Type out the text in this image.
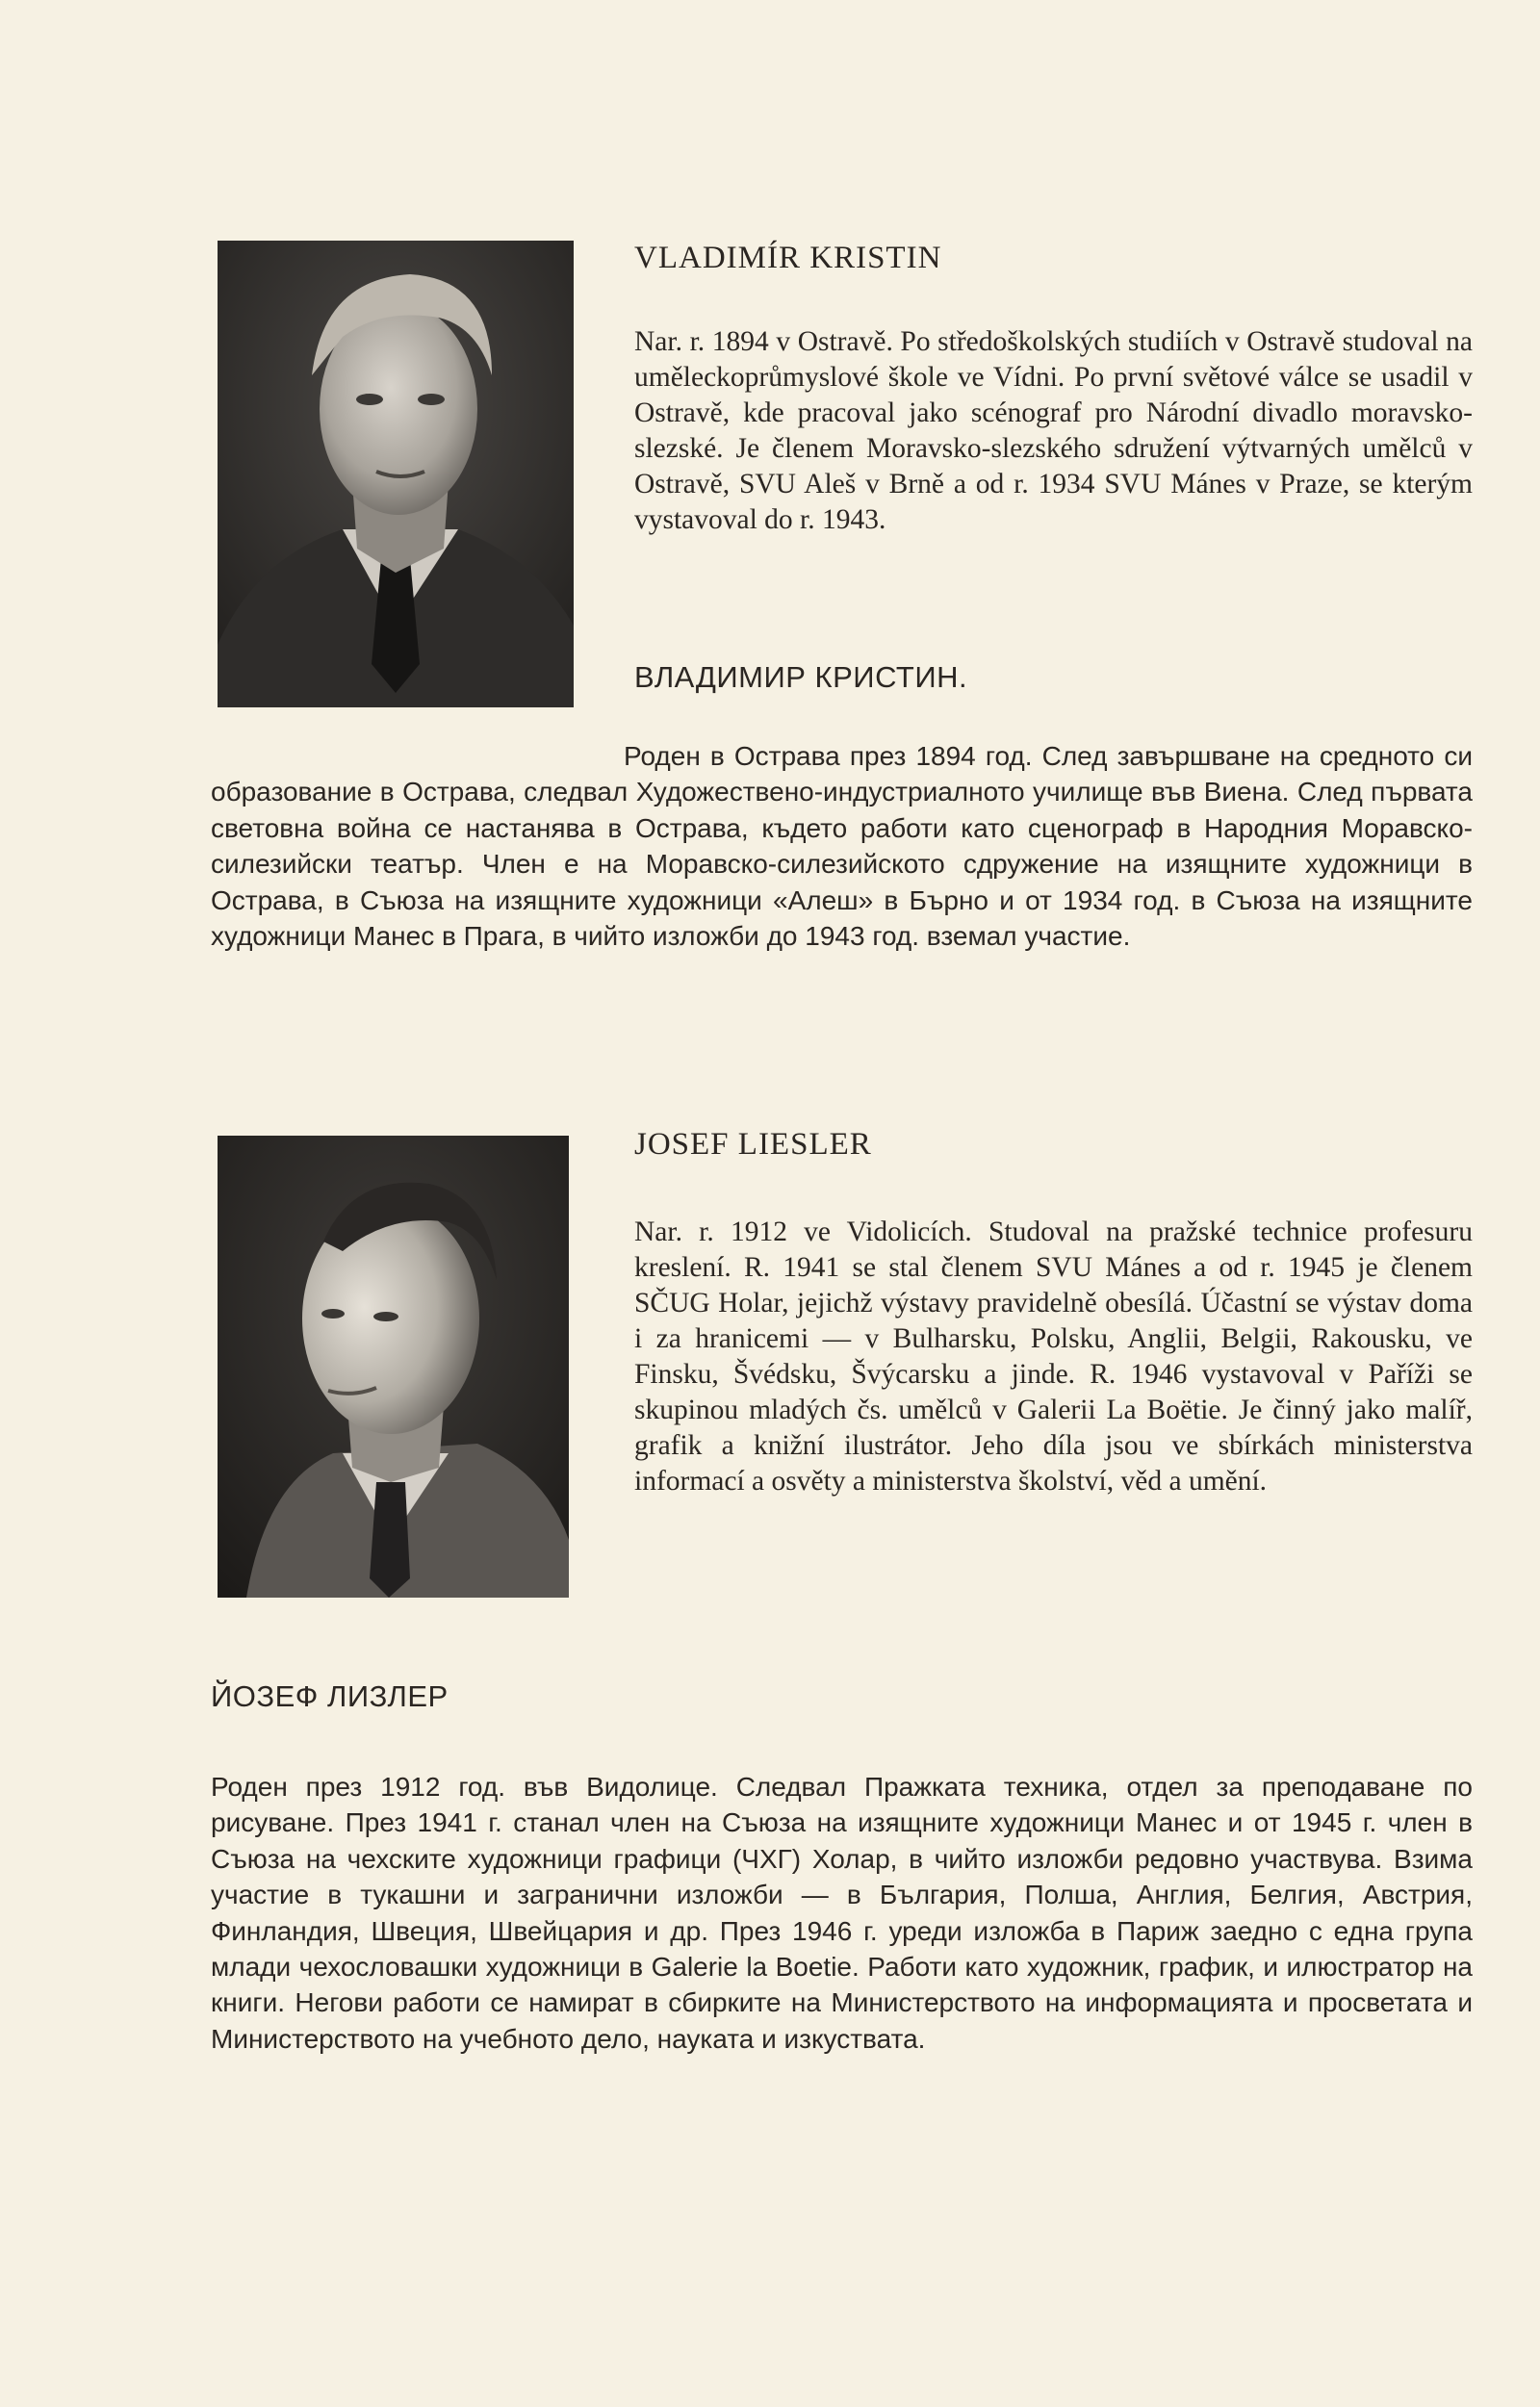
VLADIMÍR KRISTIN

Nar. r. 1894 v Ostravě. Po středoškolských studiích v Ostravě studoval na uměleckoprůmyslové škole ve Vídni. Po první světové válce se usadil v Ostravě, kde pracoval jako scénograf pro Národní divadlo moravsko-slezské. Je členem Moravsko-slezského sdružení výtvarných umělců v Ostravě, SVU Aleš v Brně a od r. 1934 SVU Mánes v Praze, se kterým vystavoval do r. 1943.

ВЛАДИМИР КРИСТИН.

Роден в Острава през 1894 год. След завършване на средното си образование в Острава, следвал Художествено-индустриалното училище във Виена. След първата световна война се настанява в Острава, където работи като сценограф в Народния Моравско-силезийски театър. Член е на Моравско-силезийското сдружение на изящните художници в Острава, в Съюза на изящните художници «Алеш» в Бърно и от 1934 год. в Съюза на изящните художници Манес в Прага, в чийто изложби до 1943 год. вземал участие.

JOSEF LIESLER

Nar. r. 1912 ve Vidolicích. Studoval na pražské technice profesuru kreslení. R. 1941 se stal členem SVU Mánes a od r. 1945 je členem SČUG Holar, jejichž výstavy pravidelně obesílá. Účastní se výstav doma i za hranicemi — v Bulharsku, Polsku, Anglii, Belgii, Rakousku, ve Finsku, Švédsku, Švýcarsku a jinde. R. 1946 vystavoval v Paříži se skupinou mladých čs. umělců v Galerii La Boëtie. Je činný jako malíř, grafik a knižní ilustrátor. Jeho díla jsou ve sbírkách ministerstva informací a osvěty a ministerstva školství, věd a umění.

ЙОЗЕФ ЛИЗЛЕР

Роден през 1912 год. във Видолице. Следвал Пражката техника, отдел за преподаване по рисуване. През 1941 г. станал член на Съюза на изящните художници Манес и от 1945 г. член в Съюза на чехските художници графици (ЧХГ) Холар, в чийто изложби редовно участвува. Взима участие в тукашни и загранични изложби — в България, Полша, Англия, Белгия, Австрия, Финландия, Швеция, Швейцария и др. През 1946 г. уреди изложба в Париж заедно с една група млади чехословашки художници в Galerie la Boetie. Работи като художник, график, и илюстратор на книги. Негови работи се намират в сбирките на Министерството на информацията и просветата и Министерството на учебното дело, науката и изкуствата.
